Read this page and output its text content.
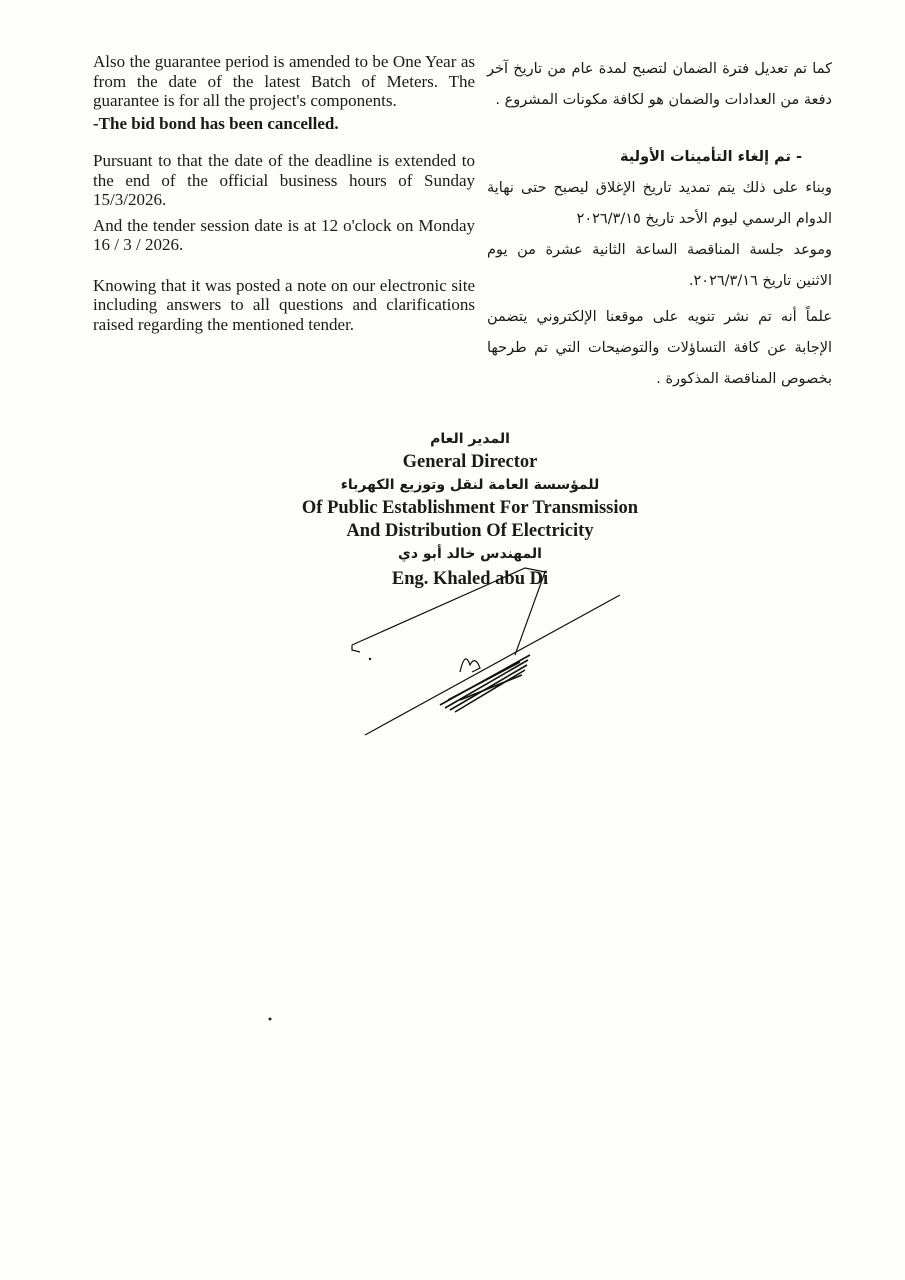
Also the guarantee period is amended to be One Year as from the date of the latest Batch of Meters. The guarantee is for all the project's components.

-The bid bond has been cancelled.

Pursuant to that the date of the deadline is extended to the end of the official business hours of Sunday 15/3/2026.

And the tender session date is at 12 o'clock on Monday 16 / 3 / 2026.

Knowing that it was posted a note on our electronic site including answers to all questions and clarifications raised regarding the mentioned tender.

كما تم تعديل فترة الضمان لتصبح لمدة عام من تاريخ آخر دفعة من العدادات والضمان هو لكافة مكونات المشروع .

- تم إلغاء التأمينات الأولية

وبناء على ذلك يتم تمديد تاريخ الإغلاق ليصبح حتى نهاية الدوام الرسمي ليوم الأحد تاريخ ٢٠٢٦/٣/١٥

وموعد جلسة المناقصة الساعة الثانية عشرة من يوم الاثنين تاريخ ٢٠٢٦/٣/١٦.

علماً أنه تم نشر تنويه على موقعنا الإلكتروني يتضمن الإجابة عن كافة التساؤلات والتوضيحات التي تم طرحها بخصوص المناقصة المذكورة .

المدير العام
General Director
للمؤسسة العامة لنقل وتوزيع الكهرباء
Of Public Establishment For Transmission
And Distribution Of Electricity
المهندس خالد أبو دي
Eng. Khaled abu Di
